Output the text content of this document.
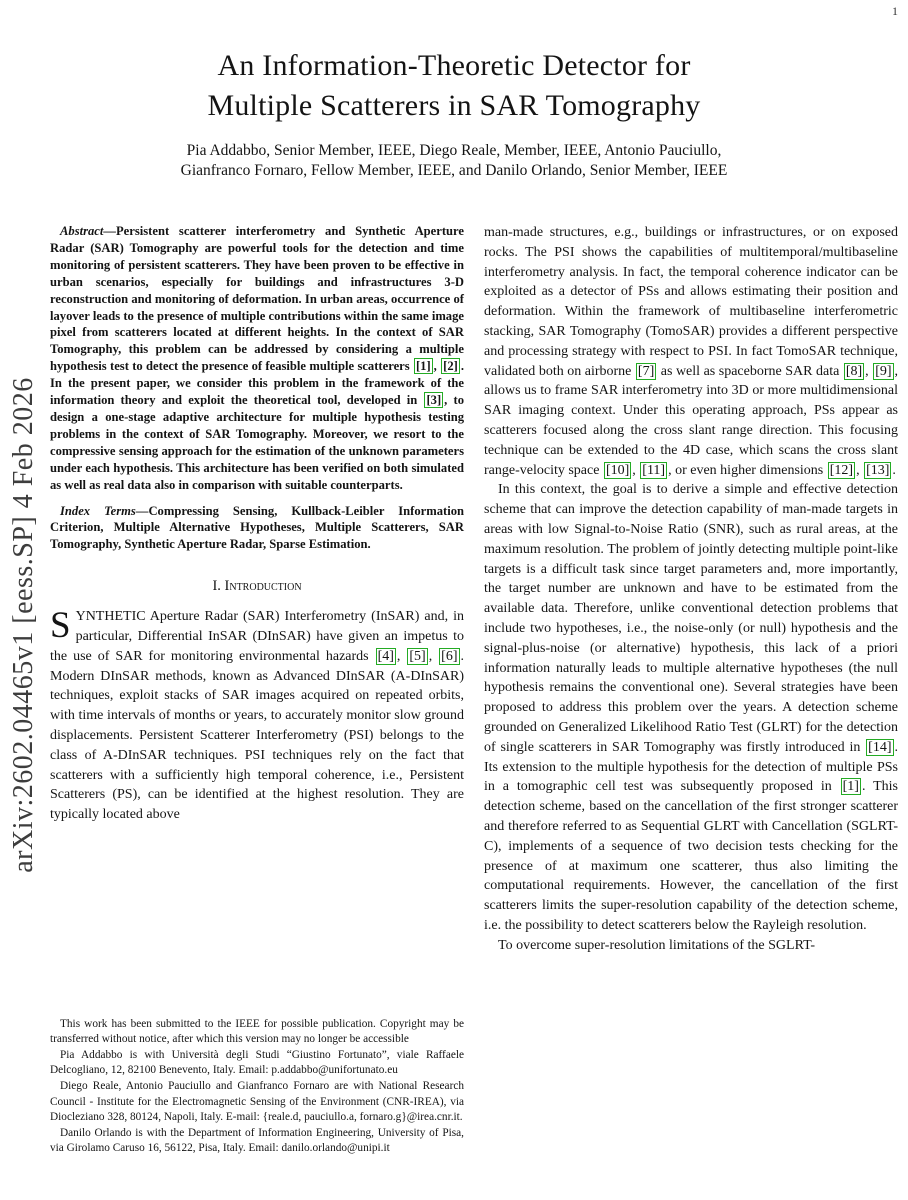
1
arXiv:2602.04465v1 [eess.SP] 4 Feb 2026
An Information-Theoretic Detector for
Multiple Scatterers in SAR Tomography
Pia Addabbo, Senior Member, IEEE, Diego Reale, Member, IEEE, Antonio Pauciullo,
Gianfranco Fornaro, Fellow Member, IEEE, and Danilo Orlando, Senior Member, IEEE

Abstract—Persistent scatterer interferometry and Synthetic Aperture Radar (SAR) Tomography are powerful tools for the detection and time monitoring of persistent scatterers. They have been proven to be effective in urban scenarios, especially for buildings and infrastructures 3-D reconstruction and monitoring of deformation. In urban areas, occurrence of layover leads to the presence of multiple contributions within the same image pixel from scatterers located at different heights. In the context of SAR Tomography, this problem can be addressed by considering a multiple hypothesis test to detect the presence of feasible multiple scatterers [1] , [2] . In the present paper, we consider this problem in the framework of the information theory and exploit the theoretical tool, developed in [3] , to design a one-stage adaptive architecture for multiple hypothesis testing problems in the context of SAR Tomography. Moreover, we resort to the compressive sensing approach for the estimation of the unknown parameters under each hypothesis. This architecture has been verified on both simulated as well as real data also in comparison with suitable counterparts.

Index Terms—Compressing Sensing, Kullback-Leibler Information Criterion, Multiple Alternative Hypotheses, Multiple Scatterers, SAR Tomography, Synthetic Aperture Radar, Sparse Estimation.

I. Introduction

SYNTHETIC Aperture Radar (SAR) Interferometry (InSAR) and, in particular, Differential InSAR (DInSAR) have given an impetus to the use of SAR for monitoring environmental hazards [4] , [5] , [6] . Modern DInSAR methods, known as Advanced DInSAR (A-DInSAR) techniques, exploit stacks of SAR images acquired on repeated orbits, with time intervals of months or years, to accurately monitor slow ground displacements. Persistent Scatterer Interferometry (PSI) belongs to the class of A-DInSAR techniques. PSI techniques rely on the fact that scatterers with a sufficiently high temporal coherence, i.e., Persistent Scatterers (PS), can be identified at the highest resolution. They are typically located above

This work has been submitted to the IEEE for possible publication. Copyright may be transferred without notice, after which this version may no longer be accessible

Pia Addabbo is with Università degli Studi “Giustino Fortunato”, viale Raffaele Delcogliano, 12, 82100 Benevento, Italy. Email: p.addabbo@unifortunato.eu

Diego Reale, Antonio Pauciullo and Gianfranco Fornaro are with National Research Council - Institute for the Electromagnetic Sensing of the Environment (CNR-IREA), via Diocleziano 328, 80124, Napoli, Italy. E-mail: {reale.d, pauciullo.a, fornaro.g}@irea.cnr.it.

Danilo Orlando is with the Department of Information Engineering, University of Pisa, via Girolamo Caruso 16, 56122, Pisa, Italy. Email: danilo.orlando@unipi.it

man-made structures, e.g., buildings or infrastructures, or on exposed rocks. The PSI shows the capabilities of multitemporal/multibaseline interferometry analysis. In fact, the temporal coherence indicator can be exploited as a detector of PSs and allows estimating their position and deformation. Within the framework of multibaseline interferometric stacking, SAR Tomography (TomoSAR) provides a different perspective and processing strategy with respect to PSI. In fact TomoSAR technique, validated both on airborne [7] as well as spaceborne SAR data [8] , [9] , allows us to frame SAR interferometry into 3D or more multidimensional SAR imaging context. Under this operating approach, PSs appear as scatterers focused along the cross slant range direction. This focusing technique can be extended to the 4D case, which scans the cross slant range-velocity space [10] , [11] , or even higher dimensions [12] , [13] .

In this context, the goal is to derive a simple and effective detection scheme that can improve the detection capability of man-made targets in areas with low Signal-to-Noise Ratio (SNR), such as rural areas, at the maximum resolution. The problem of jointly detecting multiple point-like targets is a difficult task since target parameters and, more importantly, the target number are unknown and have to be estimated from the available data. Therefore, unlike conventional detection problems that include two hypotheses, i.e., the noise-only (or null) hypothesis and the signal-plus-noise (or alternative) hypothesis, this lack of a priori information naturally leads to multiple alternative hypotheses (the null hypothesis remains the conventional one). Several strategies have been proposed to address this problem over the years. A detection scheme grounded on Generalized Likelihood Ratio Test (GLRT) for the detection of single scatterers in SAR Tomography was firstly introduced in [14] . Its extension to the multiple hypothesis for the detection of multiple PSs in a tomographic cell test was subsequently proposed in [1] . This detection scheme, based on the cancellation of the first stronger scatterer and therefore referred to as Sequential GLRT with Cancellation (SGLRT-C), implements of a sequence of two decision tests checking for the presence of at maximum one scatterer, thus also limiting the computational requirements. However, the cancellation of the first scatterers limits the super-resolution capability of the detection scheme, i.e. the possibility to detect scatterers below the Rayleigh resolution.

To overcome super-resolution limitations of the SGLRT-
